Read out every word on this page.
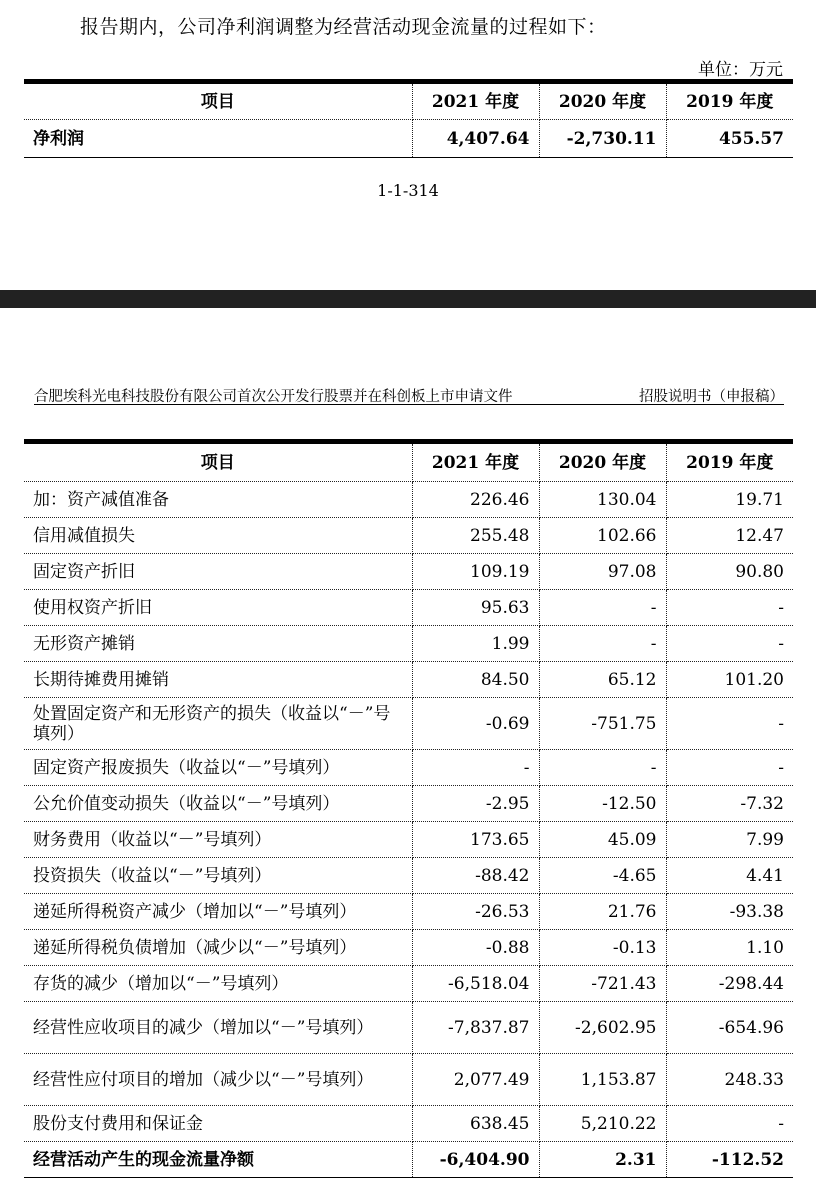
报告期内，公司净利润调整为经营活动现金流量的过程如下：
单位：万元
项目	2021 年度	2020 年度	2019 年度
净利润	4,407.64	-2,730.11	455.57
1-1-314
合肥埃科光电科技股份有限公司首次公开发行股票并在科创板上市申请文件	招股说明书（申报稿）
项目	2021 年度	2020 年度	2019 年度
加：资产减值准备	226.46	130.04	19.71
信用减值损失	255.48	102.66	12.47
固定资产折旧	109.19	97.08	90.80
使用权资产折旧	95.63	-	-
无形资产摊销	1.99	-	-
长期待摊费用摊销	84.50	65.12	101.20
处置固定资产和无形资产的损失（收益以“－”号填列）	-0.69	-751.75	-
固定资产报废损失（收益以“－”号填列）	-	-	-
公允价值变动损失（收益以“－”号填列）	-2.95	-12.50	-7.32
财务费用（收益以“－”号填列）	173.65	45.09	7.99
投资损失（收益以“－”号填列）	-88.42	-4.65	4.41
递延所得税资产减少（增加以“－”号填列）	-26.53	21.76	-93.38
递延所得税负债增加（减少以“－”号填列）	-0.88	-0.13	1.10
存货的减少（增加以“－”号填列）	-6,518.04	-721.43	-298.44
经营性应收项目的减少（增加以“－”号填列）	-7,837.87	-2,602.95	-654.96
经营性应付项目的增加（减少以“－”号填列）	2,077.49	1,153.87	248.33
股份支付费用和保证金	638.45	5,210.22	-
经营活动产生的现金流量净额	-6,404.90	2.31	-112.52
